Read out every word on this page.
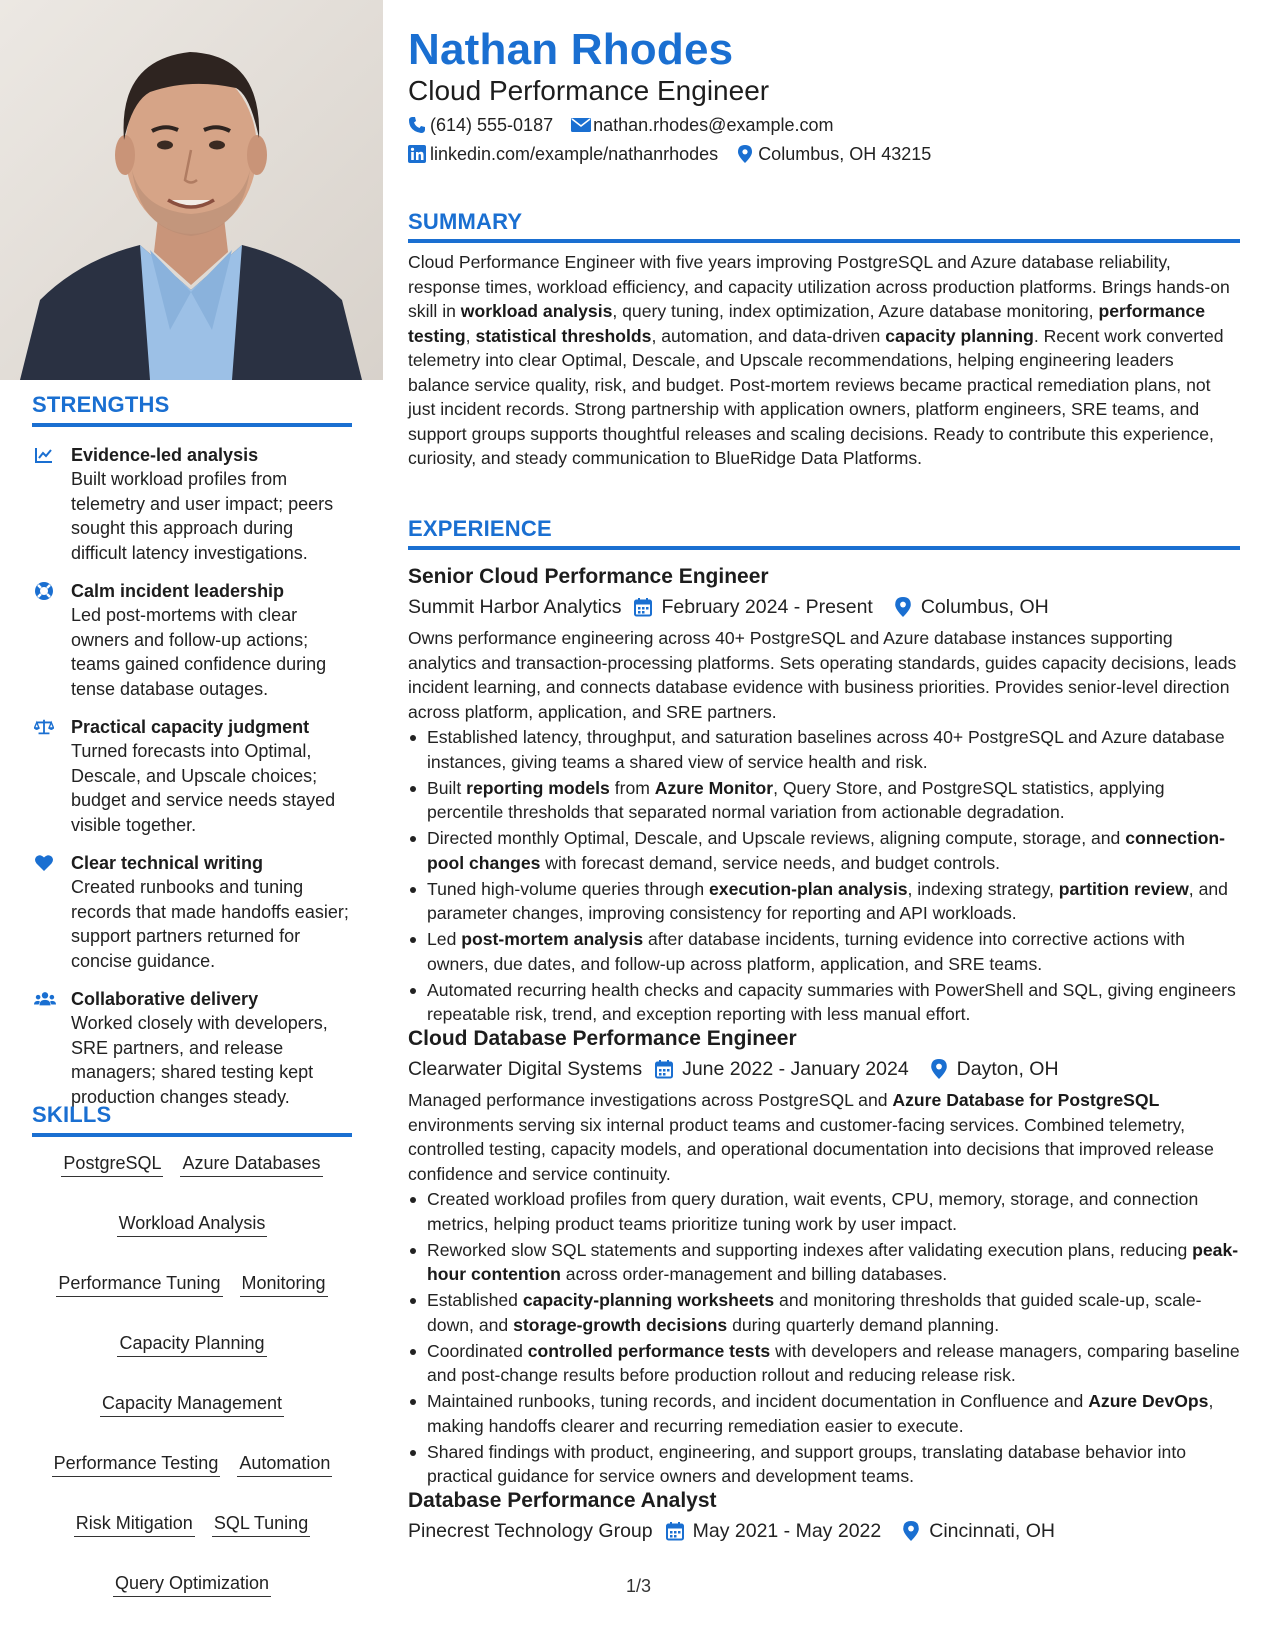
STRENGTHS
Evidence-led analysis
Built workload profiles from telemetry and user impact; peers sought this approach during difficult latency investigations.
Calm incident leadership
Led post-mortems with clear owners and follow-up actions; teams gained confidence during tense database outages.
Practical capacity judgment
Turned forecasts into Optimal, Descale, and Upscale choices; budget and service needs stayed visible together.
Clear technical writing
Created runbooks and tuning records that made handoffs easier; support partners returned for concise guidance.
Collaborative delivery
Worked closely with developers, SRE partners, and release managers; shared testing kept production changes steady.
SKILLS
PostgreSQL Azure Databases
Workload Analysis
Performance Tuning Monitoring
Capacity Planning
Capacity Management
Performance Testing Automation
Risk Mitigation SQL Tuning
Query Optimization
Nathan Rhodes
Cloud Performance Engineer
(614) 555-0187 nathan.rhodes@example.com
linkedin.com/example/nathanrhodes Columbus, OH 43215
SUMMARY
Cloud Performance Engineer with five years improving PostgreSQL and Azure database reliability, response times, workload efficiency, and capacity utilization across production platforms. Brings hands-on skill in workload analysis, query tuning, index optimization, Azure database monitoring, performance testing, statistical thresholds, automation, and data-driven capacity planning. Recent work converted telemetry into clear Optimal, Descale, and Upscale recommendations, helping engineering leaders balance service quality, risk, and budget. Post-mortem reviews became practical remediation plans, not just incident records. Strong partnership with application owners, platform engineers, SRE teams, and support groups supports thoughtful releases and scaling decisions. Ready to contribute this experience, curiosity, and steady communication to BlueRidge Data Platforms.
EXPERIENCE
Senior Cloud Performance Engineer
Summit Harbor Analytics February 2024 - Present Columbus, OH
Owns performance engineering across 40+ PostgreSQL and Azure database instances supporting analytics and transaction-processing platforms. Sets operating standards, guides capacity decisions, leads incident learning, and connects database evidence with business priorities. Provides senior-level direction across platform, application, and SRE partners.
Established latency, throughput, and saturation baselines across 40+ PostgreSQL and Azure database instances, giving teams a shared view of service health and risk.
Built reporting models from Azure Monitor, Query Store, and PostgreSQL statistics, applying percentile thresholds that separated normal variation from actionable degradation.
Directed monthly Optimal, Descale, and Upscale reviews, aligning compute, storage, and connection-pool changes with forecast demand, service needs, and budget controls.
Tuned high-volume queries through execution-plan analysis, indexing strategy, partition review, and parameter changes, improving consistency for reporting and API workloads.
Led post-mortem analysis after database incidents, turning evidence into corrective actions with owners, due dates, and follow-up across platform, application, and SRE teams.
Automated recurring health checks and capacity summaries with PowerShell and SQL, giving engineers repeatable risk, trend, and exception reporting with less manual effort.
Cloud Database Performance Engineer
Clearwater Digital Systems June 2022 - January 2024 Dayton, OH
Managed performance investigations across PostgreSQL and Azure Database for PostgreSQL environments serving six internal product teams and customer-facing services. Combined telemetry, controlled testing, capacity models, and operational documentation into decisions that improved release confidence and service continuity.
Created workload profiles from query duration, wait events, CPU, memory, storage, and connection metrics, helping product teams prioritize tuning work by user impact.
Reworked slow SQL statements and supporting indexes after validating execution plans, reducing peak-hour contention across order-management and billing databases.
Established capacity-planning worksheets and monitoring thresholds that guided scale-up, scale-down, and storage-growth decisions during quarterly demand planning.
Coordinated controlled performance tests with developers and release managers, comparing baseline and post-change results before production rollout and reducing release risk.
Maintained runbooks, tuning records, and incident documentation in Confluence and Azure DevOps, making handoffs clearer and recurring remediation easier to execute.
Shared findings with product, engineering, and support groups, translating database behavior into practical guidance for service owners and development teams.
Database Performance Analyst
Pinecrest Technology Group May 2021 - May 2022 Cincinnati, OH
1/3
